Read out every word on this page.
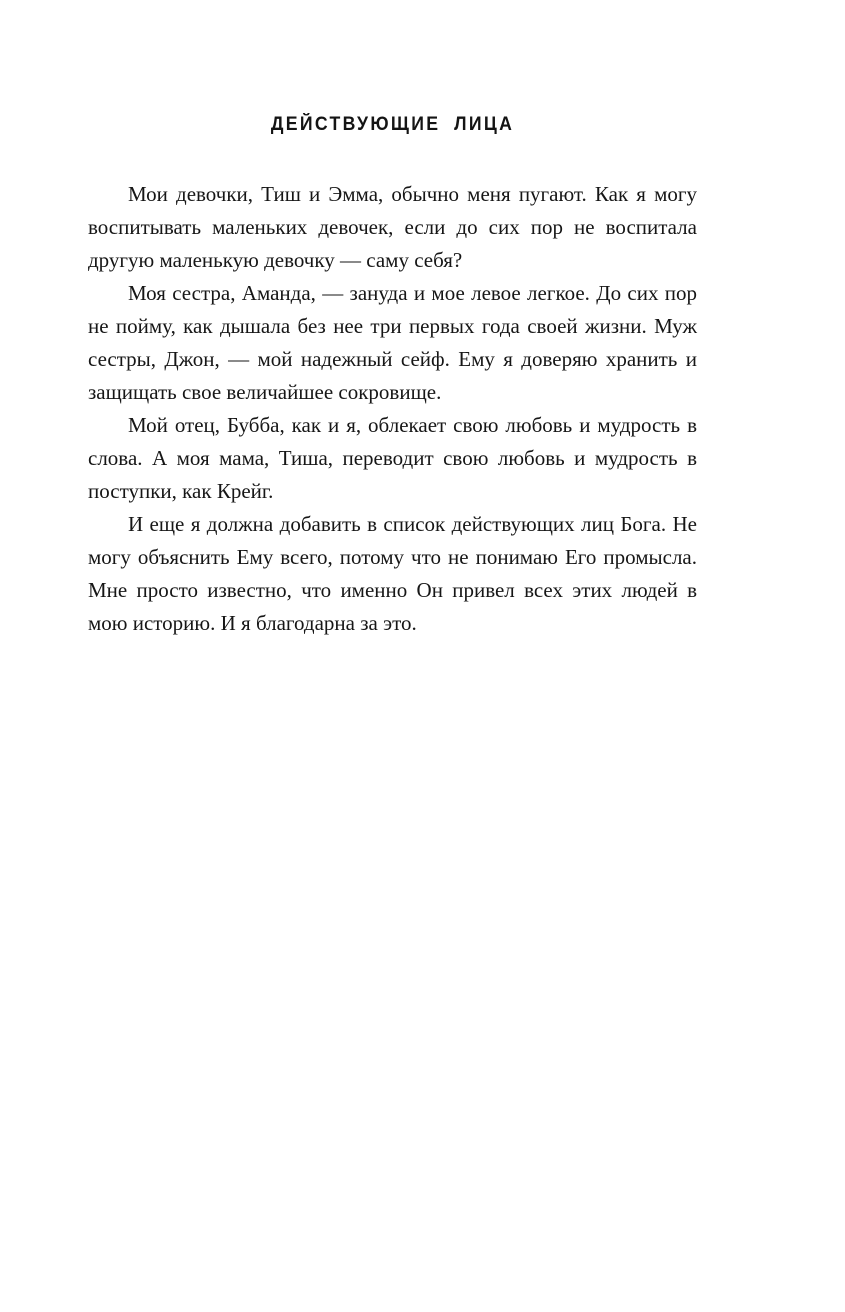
ДЕЙСТВУЮЩИЕ ЛИЦА

Мои девочки, Тиш и Эмма, обычно меня пугают. Как я могу воспитывать маленьких девочек, если до сих пор не воспитала другую маленькую девочку — саму себя?

Моя сестра, Аманда, — зануда и мое левое легкое. До сих пор не пойму, как дышала без нее три первых года своей жизни. Муж сестры, Джон, — мой надежный сейф. Ему я доверяю хранить и защищать свое величайшее сокровище.

Мой отец, Бубба, как и я, облекает свою любовь и мудрость в слова. А моя мама, Тиша, переводит свою любовь и мудрость в поступки, как Крейг.

И еще я должна добавить в список действующих лиц Бога. Не могу объяснить Ему всего, потому что не понимаю Его промысла. Мне просто известно, что именно Он привел всех этих людей в мою историю. И я благодарна за это.
